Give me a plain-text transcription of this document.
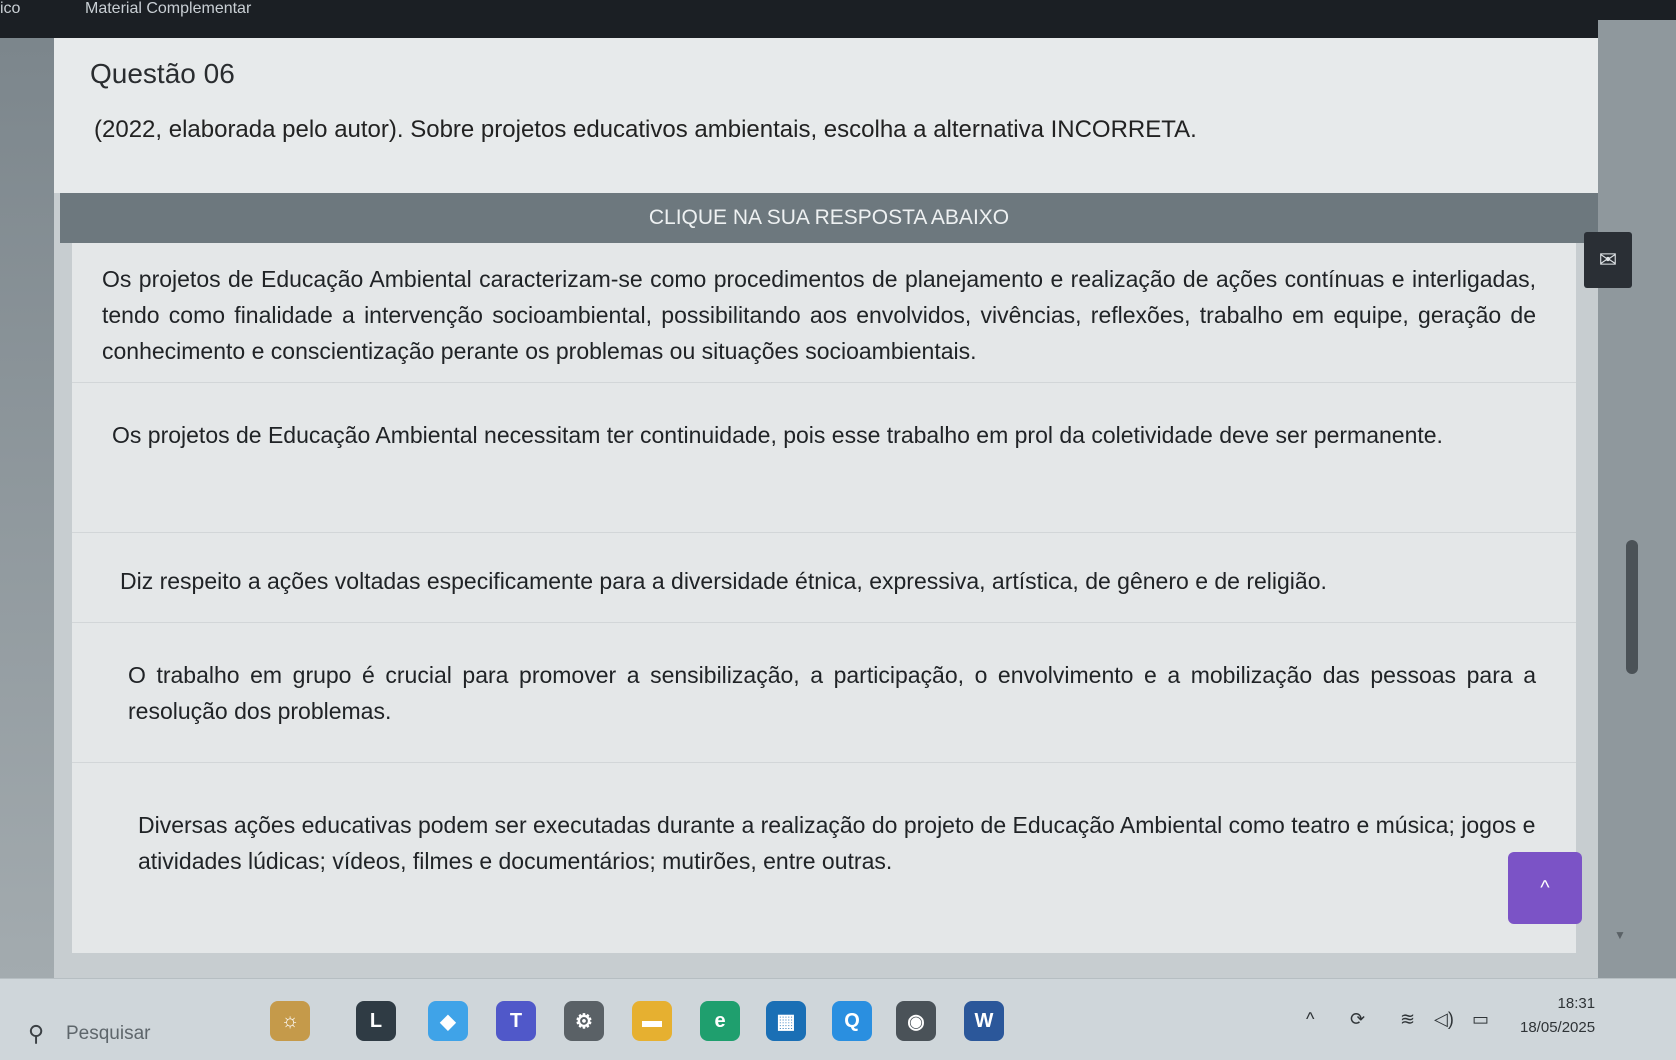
ico	Material Complementar
Questão 06
(2022, elaborada pelo autor). Sobre projetos educativos ambientais, escolha a alternativa INCORRETA.
CLIQUE NA SUA RESPOSTA ABAIXO
Os projetos de Educação Ambiental caracterizam-se como procedimentos de planejamento e realização de ações contínuas e interligadas, tendo como finalidade a intervenção socioambiental, possibilitando aos envolvidos, vivências, reflexões, trabalho em equipe, geração de conhecimento e conscientização perante os problemas ou situações socioambientais.
Os projetos de Educação Ambiental necessitam ter continuidade, pois esse trabalho em prol da coletividade deve ser permanente.
Diz respeito a ações voltadas especificamente para a diversidade étnica, expressiva, artística, de gênero e de religião.
O trabalho em grupo é crucial para promover a sensibilização, a participação, o envolvimento e a mobilização das pessoas para a resolução dos problemas.
Diversas ações educativas podem ser executadas durante a realização do projeto de Educação Ambiental como teatro e música; jogos e atividades lúdicas; vídeos, filmes e documentários; mutirões, entre outras.
✉
^
▼
⚲ Pesquisar
☼	L	◆	T	⚙	▬	e	▦	Q	◉	W	^ ⟳ ≋ ◁) ▭
18:31
18/05/2025
